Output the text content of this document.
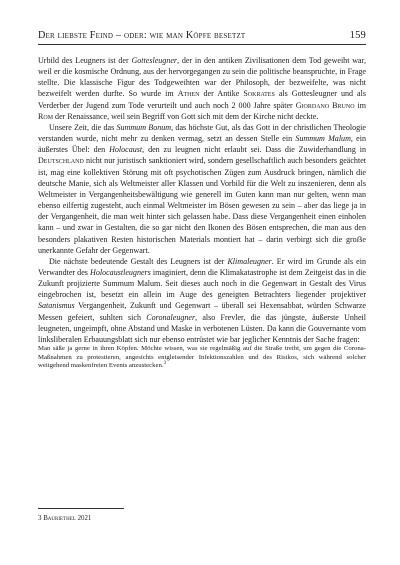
Der liebste Feind – oder: wie man Köpfe besetzt	159

Urbild des Leugners ist der Gottesleugner, der in den antiken Zivilisationen dem Tod geweiht war, weil er die kosmische Ordnung, aus der hervorgegangen zu sein die politische beanspruchte, in Frage stellte. Die klassische Figur des Todgeweihten war der Philosoph, der bezweifelte, was nicht bezweifelt werden durfte. So wurde im Athen der Antike Sokrates als Gottesleugner und als Verderber der Jugend zum Tode verurteilt und auch noch 2 000 Jahre später Giordano Bruno im Rom der Renaissance, weil sein Begriff von Gott sich mit dem der Kirche nicht deckte.

Unsere Zeit, die das Summum Bonum, das höchste Gut, als das Gott in der christlichen Theologie verstanden wurde, nicht mehr zu denken vermag, setzt an dessen Stelle ein Summum Malum, ein äußerstes Übel: den Holocaust, den zu leugnen nicht erlaubt sei. Dass die Zuwiderhandlung in Deutschland nicht nur juristisch sanktioniert wird, sondern gesellschaftlich auch besonders geächtet ist, mag eine kollektiven Störung mit oft psychotischen Zügen zum Ausdruck bringen, nämlich die deutsche Manie, sich als Weltmeister aller Klassen und Vorbild für die Welt zu inszenieren, denn als Weltmeister in Vergangenheitsbewältigung wie generell im Guten kann man nur gelten, wenn man ebenso eilfertig zugesteht, auch einmal Weltmeister im Bösen gewesen zu sein – aber das liege ja in der Vergangenheit, die man weit hinter sich gelassen habe. Dass diese Vergangenheit einen einholen kann – und zwar in Gestalten, die so gar nicht den Ikonen des Bösen entsprechen, die man aus den besonders plakativen Resten historischen Materials montiert hat – darin verbirgt sich die groẞe unerkannte Gefahr der Gegenwart.

Die nächste bedeutende Gestalt des Leugners ist der Klimaleugner. Er wird im Grunde als ein Verwandter des Holocaustleugners imaginiert, denn die Klimakatastrophe ist dem Zeitgeist das in die Zukunft projizierte Summum Malum. Seit dieses auch noch in die Gegenwart in Gestalt des Virus eingebrochen ist, besetzt ein allein im Auge des geneigten Betrachters liegender projektiver Satanismus Vergangenheit, Zukunft und Gegenwart – überall sei Hexensabbat, würden Schwarze Messen gefeiert, suhlten sich Coronaleugner, also Frevler, die das jüngste, äußerste Unheil leugneten, ungeimpft, ohne Abstand und Maske in verbotenen Lüsten. Da kann die Gouvernante vom linksliberalen Erbauungsblatt sich nur ebenso entrüstet wie bar jeglicher Kenntnis der Sache fragen:

Man säße ja gerne in ihren Köpfen. Möchte wissen, was sie regelmäßig auf die Straße treibt, um gegen die Corona-Maßnahmen zu protestieren, angesichts entgleisender Infektionszahlen und des Risikos, sich während solcher weitgehend maskenfreien Events anzustecken.$^3$

3 Bauriethel 2021
